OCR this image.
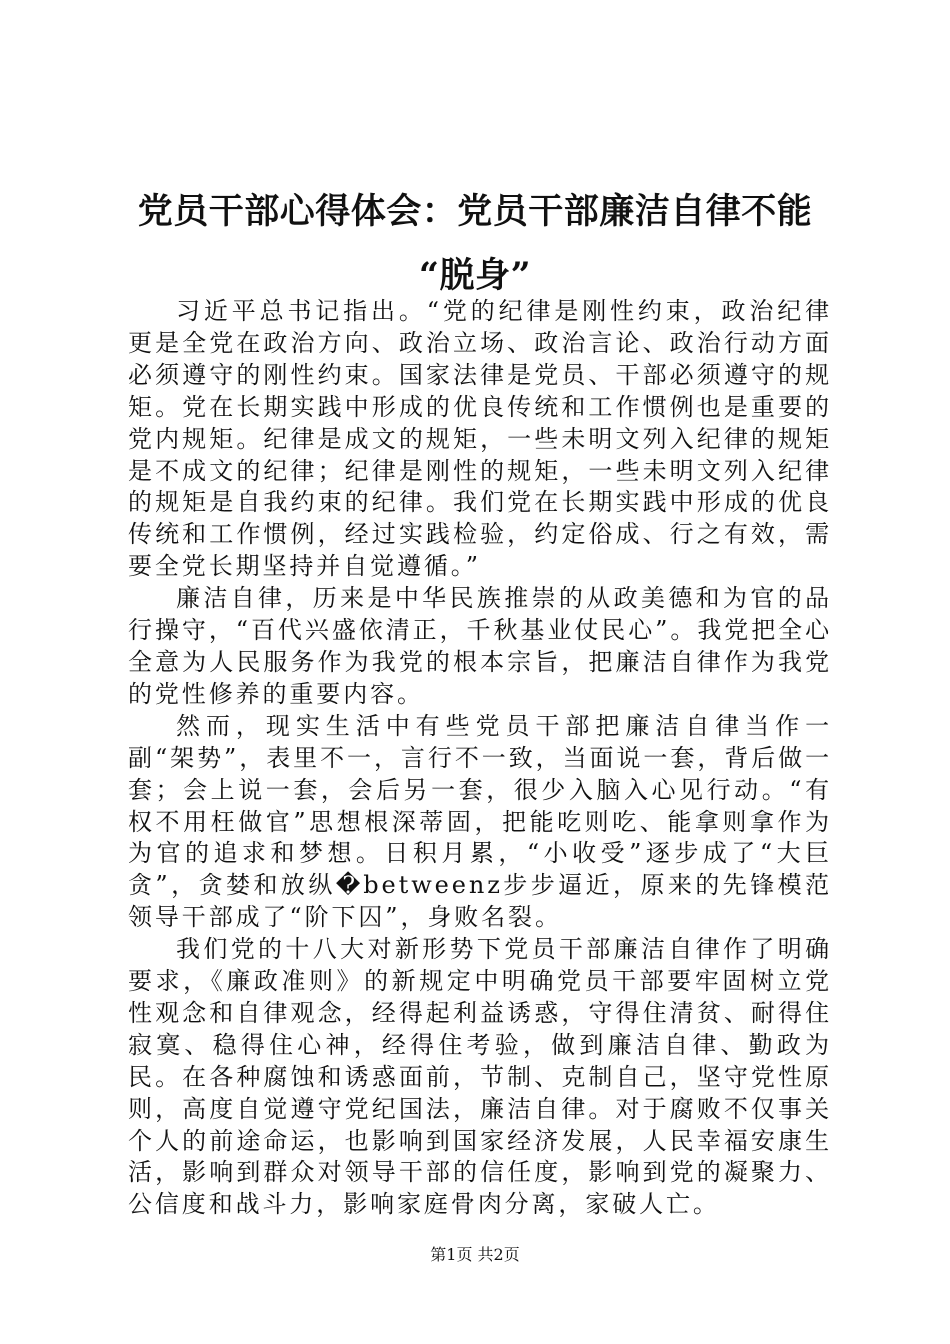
党员干部心得体会：党员干部廉洁自律不能
“脱身”

习近平总书记指出。“党的纪律是刚性约束，政治纪律更是全党在政治方向、政治立场、政治言论、政治行动方面必须遵守的刚性约束。国家法律是党员、干部必须遵守的规矩。党在长期实践中形成的优良传统和工作惯例也是重要的党内规矩。纪律是成文的规矩，一些未明文列入纪律的规矩是不成文的纪律；纪律是刚性的规矩，一些未明文列入纪律的规矩是自我约束的纪律。我们党在长期实践中形成的优良传统和工作惯例，经过实践检验，约定俗成、行之有效，需要全党长期坚持并自觉遵循。”

廉洁自律，历来是中华民族推崇的从政美德和为官的品行操守，“百代兴盛依清正，千秋基业仗民心”。我党把全心全意为人民服务作为我党的根本宗旨，把廉洁自律作为我党的党性修养的重要内容。

然而，现实生活中有些党员干部把廉洁自律当作一副“架势”，表里不一，言行不一致，当面说一套，背后做一套；会上说一套，会后另一套，很少入脑入心见行动。“有权不用枉做官”思想根深蒂固，把能吃则吃、能拿则拿作为为官的追求和梦想。日积月累，“小收受”逐步成了“大巨贪”，贪婪和放纵�betweenz步步逼近，原来的先锋模范领导干部成了“阶下囚”，身败名裂。

我们党的十八大对新形势下党员干部廉洁自律作了明确要求，《廉政准则》的新规定中明确党员干部要牢固树立党性观念和自律观念，经得起利益诱惑，守得住清贫、耐得住寂寞、稳得住心神，经得住考验，做到廉洁自律、勤政为民。在各种腐蚀和诱惑面前，节制、克制自己，坚守党性原则，高度自觉遵守党纪国法，廉洁自律。对于腐败不仅事关个人的前途命运，也影响到国家经济发展，人民幸福安康生活，影响到群众对领导干部的信任度，影响到党的凝聚力、公信度和战斗力，影响家庭骨肉分离，家破人亡。

第1页 共2页
